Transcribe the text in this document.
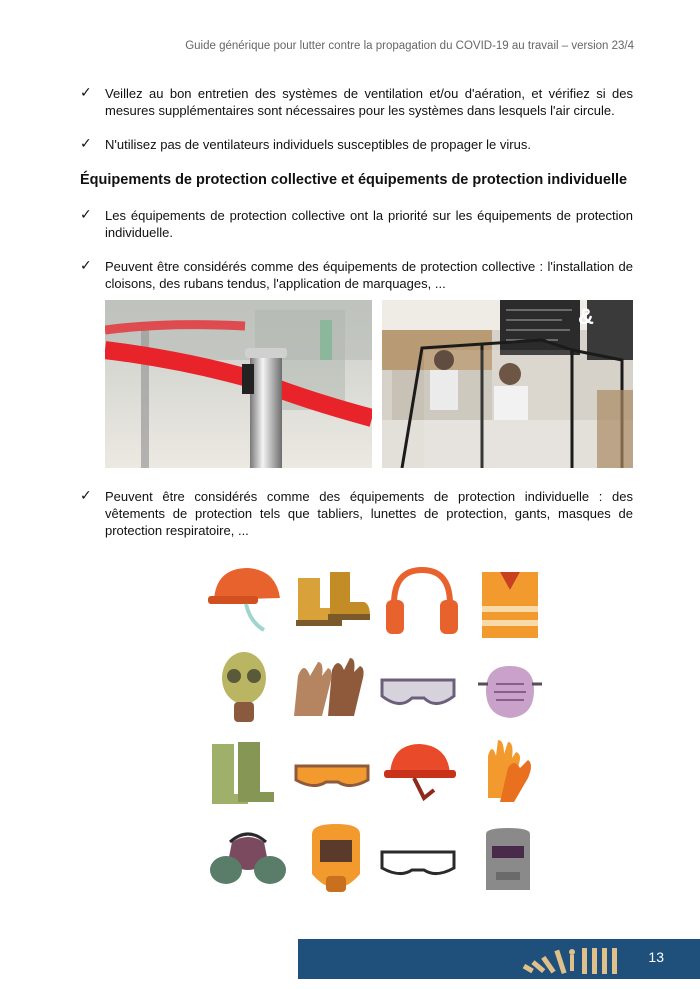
Guide générique pour lutter contre la propagation du COVID-19 au travail – version 23/4
✓ Veillez au bon entretien des systèmes de ventilation et/ou d'aération, et vérifiez si des mesures supplémentaires sont nécessaires pour les systèmes dans lesquels l'air circule.
✓ N'utilisez pas de ventilateurs individuels susceptibles de propager le virus.
Équipements de protection collective et équipements de protection individuelle
✓ Les équipements de protection collective ont la priorité sur les équipements de protection individuelle.
✓ Peuvent être considérés comme des équipements de protection collective : l'installation de cloisons, des rubans tendus, l'application de marquages, ...
&
✓ Peuvent être considérés comme des équipements de protection individuelle : des vêtements de protection tels que tabliers, lunettes de protection, gants, masques de protection respiratoire, ...
13
